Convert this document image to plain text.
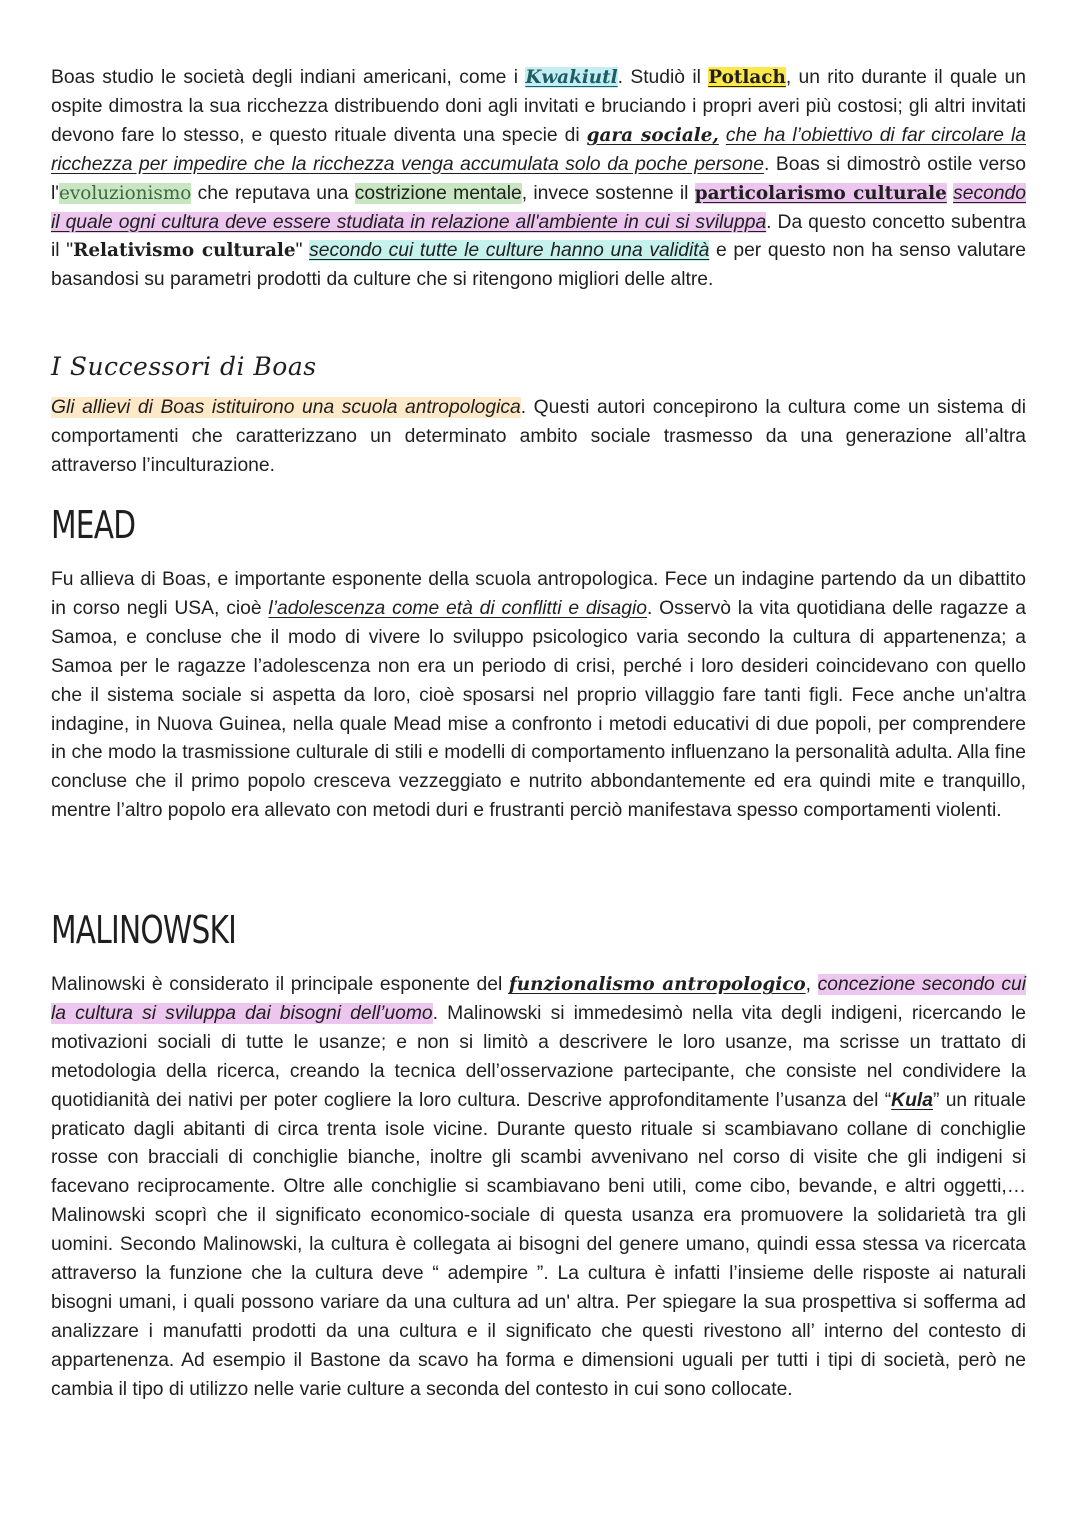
Boas studio le società degli indiani americani, come i Kwakiutl. Studiò il Potlach, un rito durante il quale un ospite dimostra la sua ricchezza distribuendo doni agli invitati e bruciando i propri averi più costosi; gli altri invitati devono fare lo stesso, e questo rituale diventa una specie di gara sociale, che ha l’obiettivo di far circolare la ricchezza per impedire che la ricchezza venga accumulata solo da poche persone. Boas si dimostrò ostile verso l'evoluzionismo che reputava una costrizione mentale, invece sostenne il particolarismo culturale secondo il quale ogni cultura deve essere studiata in relazione all'ambiente in cui si sviluppa. Da questo concetto subentra il "Relativismo culturale" secondo cui tutte le culture hanno una validità e per questo non ha senso valutare basandosi su parametri prodotti da culture che si ritengono migliori delle altre.

I Successori di Boas

Gli allievi di Boas istituirono una scuola antropologica. Questi autori concepirono la cultura come un sistema di comportamenti che caratterizzano un determinato ambito sociale trasmesso da una generazione all’altra attraverso l’inculturazione.

MEAD

Fu allieva di Boas, e importante esponente della scuola antropologica. Fece un indagine partendo da un dibattito in corso negli USA, cioè l’adolescenza come età di conflitti e disagio. Osservò la vita quotidiana delle ragazze a Samoa, e concluse che il modo di vivere lo sviluppo psicologico varia secondo la cultura di appartenenza; a Samoa per le ragazze l’adolescenza non era un periodo di crisi, perché i loro desideri coincidevano con quello che il sistema sociale si aspetta da loro, cioè sposarsi nel proprio villaggio fare tanti figli. Fece anche un'altra indagine, in Nuova Guinea, nella quale Mead mise a confronto i metodi educativi di due popoli, per comprendere in che modo la trasmissione culturale di stili e modelli di comportamento influenzano la personalità adulta. Alla fine concluse che il primo popolo cresceva vezzeggiato e nutrito abbondantemente ed era quindi mite e tranquillo, mentre l’altro popolo era allevato con metodi duri e frustranti perciò manifestava spesso comportamenti violenti.

MALINOWSKI

Malinowski è considerato il principale esponente del funzionalismo antropologico, concezione secondo cui la cultura si sviluppa dai bisogni dell’uomo. Malinowski si immedesimò nella vita degli indigeni, ricercando le motivazioni sociali di tutte le usanze; e non si limitò a descrivere le loro usanze, ma scrisse un trattato di metodologia della ricerca, creando la tecnica dell’osservazione partecipante, che consiste nel condividere la quotidianità dei nativi per poter cogliere la loro cultura. Descrive approfonditamente l’usanza del “Kula” un rituale praticato dagli abitanti di circa trenta isole vicine. Durante questo rituale si scambiavano collane di conchiglie rosse con bracciali di conchiglie bianche, inoltre gli scambi avvenivano nel corso di visite che gli indigeni si facevano reciprocamente. Oltre alle conchiglie si scambiavano beni utili, come cibo, bevande, e altri oggetti,… Malinowski scoprì che il significato economico-sociale di questa usanza era promuovere la solidarietà tra gli uomini. Secondo Malinowski, la cultura è collegata ai bisogni del genere umano, quindi essa stessa va ricercata attraverso la funzione che la cultura deve “ adempire ”. La cultura è infatti l’insieme delle risposte ai naturali bisogni umani, i quali possono variare da una cultura ad un' altra. Per spiegare la sua prospettiva si sofferma ad analizzare i manufatti prodotti da una cultura e il significato che questi rivestono all’ interno del contesto di appartenenza. Ad esempio il Bastone da scavo ha forma e dimensioni uguali per tutti i tipi di società, però ne cambia il tipo di utilizzo nelle varie culture a seconda del contesto in cui sono collocate.
